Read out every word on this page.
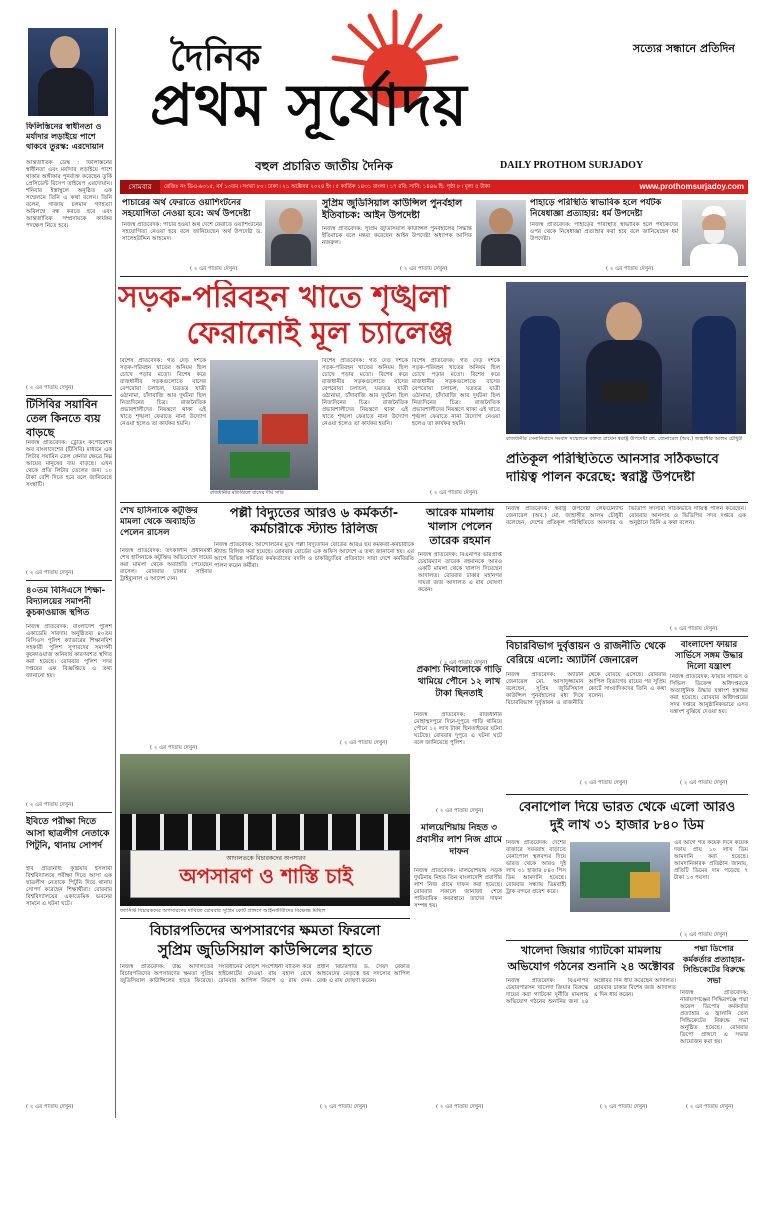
ফিলিস্তিনের স্বাধীনতা ও মর্যাদার লড়াইয়ে পাশে থাকবে তুরস্ক: এরদোয়ান
আন্তর্জাতিক ডেস্ক : ফিলিস্তিনের স্বাধীনতা এবং মর্যাদার লড়াইয়ে পাশে থাকার অঙ্গীকার পুনর্ব্যক্ত করেছেন তুর্কি প্রেসিডেন্ট রিসেপ তাইয়েপ এরদোয়ান। শনিবার ইস্তাম্বুলে অনুষ্ঠিত এক সম্মেলনে তিনি এ কথা বলেন। তিনি বলেন, গাজায় চলমান গণহত্যা অবিলম্বে বন্ধ করতে হবে এবং আন্তর্জাতিক সম্প্রদায়কে কার্যকর পদক্ষেপ নিতে হবে।
( ২ এর পাতায় দেখুন)
টিসিবির সয়াবিন তেল কিনতে ব্যয় বাড়ছে
নিজস্ব প্রতিবেদক: ট্রেডিং কর্পোরেশন অব বাংলাদেশের (টিসিবি) মাধ্যমে এক লিটার সয়াবিন তেল কেনার ক্ষেত্রে নিম্ন আয়ের মানুষের ব্যয় বাড়ছে। এখন থেকে প্রতি লিটার তেলের জন্য ১০ টাকা বেশি দিতে হবে বলে জানিয়েছে সংস্থাটি।
( ২ এর পাতায় দেখুন)
৪০তম বিসিএসে শিক্ষা-বিদ্যালয়ের সমাপনী কুচকাওয়াজ স্থগিত
নিজস্ব প্রতিবেদক: বাংলাদেশ পুলিশ একাডেমি সারদায় অনুষ্ঠিতব্য ৪০তম বিসিএস পুলিশ ক্যাডারের শিক্ষানবিশ সহকারী পুলিশ সুপারদের সমাপনী কুচকাওয়াজ অনিবার্য কারণবশত স্থগিত করা হয়েছে। রোববার পুলিশ সদর দপ্তরের এক বিজ্ঞপ্তিতে এ তথ্য জানানো হয়।
( ২ এর পাতায় দেখুন)
ইবিতে পরীক্ষা দিতে আসা ছাত্রলীগ নেতাকে পিটুনি, থানায় সোপর্দ
ইবি প্রতিনিধি: কুষ্টিয়ার ইসলামী বিশ্ববিদ্যালয়ে পরীক্ষা দিতে আসা এক ছাত্রলীগ নেতাকে পিটুনি দিয়ে থানায় সোপর্দ করেছেন শিক্ষার্থীরা। রোববার বিশ্ববিদ্যালয়ের একাডেমিক ভবনের সামনে এ ঘটনা ঘটে।
( ২ এর পাতায় দেখুন)
দৈনিক	সত্যের সন্ধানে প্রতিদিন
প্রথম সূর্যোদয়
বহুল প্রচারিত জাতীয় দৈনিক	DAILY PROTHOM SURJADOY
সোমবার	রেজিঃ নং ডিএ-৬৩১৫, বর্ষ ১৩তম ৷ সংখ্যা ৮০ ৷ ঢাকা ৷ ২১ অক্টোবর ২০২৪ ইং ৷ ৫ কার্তিক ১৪৩১ বাংলা ৷ ১৭ রবি: সানি: ১৪৪৬ হি: পৃষ্ঠা ৮ ৷ মূল্য ৫ টাকা	www.prothomsurjadoy.com
পাচারের অর্থ ফেরাতে ওয়াশিংটনের সহযোগিতা নেওয়া হবে: অর্থ উপদেষ্টা
নিজস্ব প্রতিবেদক: পাচার হওয়া অর্থ দেশে ফেরাতে ওয়াশিংটনের সহযোগিতা নেওয়া হবে বলে জানিয়েছেন অর্থ উপদেষ্টা ড. সালেহউদ্দিন আহমেদ।
( ২ এর পাতায় দেখুন)
সুপ্রিম জুডিসিয়াল কাউন্সিল পুনর্বহাল ইতিবাচক: আইন উপদেষ্টা
নিজস্ব প্রতিবেদক: সুপ্রিম জুডিসিয়াল কাউন্সিল পুনর্বহালের সিদ্ধান্ত ইতিবাচক বলে মন্তব্য করেছেন আইন উপদেষ্টা অধ্যাপক আসিফ নজরুল।
( ২ এর পাতায় দেখুন)
পাহাড়ে পরিস্থিতি স্বাভাবিক হলে পর্যটক নিষেধাজ্ঞা প্রত্যাহার: ধর্ম উপদেষ্টা
নিজস্ব প্রতিবেদক: পাহাড়ের পরিস্থিতি স্বাভাবিক হলে পর্যটকদের ওপর থেকে নিষেধাজ্ঞা প্রত্যাহার করা হবে বলে জানিয়েছেন ধর্ম উপদেষ্টা।
( ২ এর পাতায় দেখুন)
সড়ক-পরিবহন খাতে শৃঙ্খলা
ফেরানোই মূল চ্যালেঞ্জ
বিশেষ প্রতিবেদক: গত দেড় দশকে সড়ক-পরিবহন খাতের অনিয়ম ছিল চোখে পড়ার মতো। বিশেষ করে রাজধানীর সড়কগুলোতে বাসের বেপরোয়া চলাচল, যত্রতত্র যাত্রী ওঠানামা, চাঁদাবাজি আর দুর্ঘটনা ছিল নিত্যদিনের চিত্র। রাজনৈতিক প্রভাবশালীদের নিয়ন্ত্রণে থাকা এই খাতে শৃঙ্খলা ফেরাতে নানা উদ্যোগ নেওয়া হলেও তা কার্যকর হয়নি।
রাজধানীর মতিঝিলে বাসের দীর্ঘ সারি
বিশেষ প্রতিবেদক: গত দেড় দশকে সড়ক-পরিবহন খাতের অনিয়ম ছিল চোখে পড়ার মতো। বিশেষ করে রাজধানীর সড়কগুলোতে বাসের বেপরোয়া চলাচল, যত্রতত্র যাত্রী ওঠানামা, চাঁদাবাজি আর দুর্ঘটনা ছিল নিত্যদিনের চিত্র। রাজনৈতিক প্রভাবশালীদের নিয়ন্ত্রণে থাকা এই খাতে শৃঙ্খলা ফেরাতে নানা উদ্যোগ নেওয়া হলেও তা কার্যকর হয়নি।
বিশেষ প্রতিবেদক: গত দেড় দশকে সড়ক-পরিবহন খাতের অনিয়ম ছিল চোখে পড়ার মতো। বিশেষ করে রাজধানীর সড়কগুলোতে বাসের বেপরোয়া চলাচল, যত্রতত্র যাত্রী ওঠানামা, চাঁদাবাজি আর দুর্ঘটনা ছিল নিত্যদিনের চিত্র। রাজনৈতিক প্রভাবশালীদের নিয়ন্ত্রণে থাকা এই খাতে শৃঙ্খলা ফেরাতে নানা উদ্যোগ নেওয়া হলেও তা কার্যকর হয়নি।
( ২ এর পাতায় দেখুন)
রাজধানীর সেনানিবাসে সংবাদ সম্মেলনে বক্তব্য রাখেন স্বরাষ্ট্র উপদেষ্টা লে. জেনারেল (অব.) জাহাঙ্গীর আলম চৌধুরী
প্রতিকূল পরিস্থিতিতে আনসার সঠিকভাবে
দায়িত্ব পালন করেছে: স্বরাষ্ট্র উপদেষ্টা
শেখ হাসিনাকে কটূক্তির মামলা থেকে অব্যাহতি পেলেন রাসেল
নিজস্ব প্রতিবেদক: তৎকালীন প্রধানমন্ত্রী শেখ হাসিনাকে কটূক্তির অভিযোগে দায়ের করা মামলা থেকে অব্যাহতি পেয়েছেন রাসেল। রোববার ঢাকার সাইবার ট্রাইব্যুনাল এ আদেশ দেন।
( ২ এর পাতায় দেখুন)
পল্লী বিদ্যুতের আরও ৬ কর্মকর্তা-
কর্মচারীকে স্ট্যান্ড রিলিজ
নিজস্ব প্রতিবেদক: আন্দোলনের মুখে পল্লী বিদ্যুতায়ন বোর্ডের আরও ছয় কর্মকর্তা-কর্মচারীকে স্ট্যান্ড রিলিজ করা হয়েছে। রোববার বোর্ডের এক অফিস আদেশে এ তথ্য জানানো হয়। এর আগে বিভিন্ন সমিতির কর্মকর্তাদের বদলি ও চাকরিচ্যুতির প্রতিবাদে সারা দেশে কর্মবিরতি পালন করেন কর্মীরা।
( ২ এর পাতায় দেখুন)
আরেক মামলায়
খালাস পেলেন
তারেক রহমান
নিজস্ব প্রতিবেদক: বিএনপির ভারপ্রাপ্ত চেয়ারম্যান তারেক রহমানকে আরও একটি মামলা থেকে খালাস দিয়েছেন আদালত। রোববার ঢাকার মহানগর দায়রা জজ আদালত এ রায় ঘোষণা করেন।
( ২ এর পাতায় দেখুন)
নিজস্ব প্রতিবেদক: স্বরাষ্ট্র উপদেষ্টা লেফটেন্যান্ট জেনারেল (অব.) মো. জাহাঙ্গীর আলম চৌধুরী বলেছেন, দেশের প্রতিকূল পরিস্থিতিতে আনসার ও ভিডিপি সদস্যরা সঠিকভাবে দায়িত্ব পালন করেছেন। রোববার আনসার ও ভিডিপির সদর দপ্তরে এক অনুষ্ঠানে তিনি এ কথা বলেন।
( ২ এর পাতায় দেখুন)
বিচারবিভাগ দুর্বৃত্তায়ন ও রাজনীতি থেকে
বেরিয়ে এলো: অ্যাটর্নি জেনারেল
নিজস্ব প্রতিবেদক: অ্যাটর্নি জেনারেল মো. আসাদুজ্জামান বলেছেন, সুপ্রিম জুডিসিয়াল কাউন্সিল পুনর্বহালের মধ্য দিয়ে বিচারবিভাগ দুর্বৃত্তায়ন ও রাজনীতি থেকে বেরিয়ে এসেছে। রোববার আপিল বিভাগের রায়ের পর সুপ্রিম কোর্টে সাংবাদিকদের তিনি এ কথা বলেন।
( ২ এর পাতায় দেখুন)
বাংলাদেশ ফায়ার সার্ভিসে সঙ্গম উদ্ধার দিলো যন্ত্রাংশ
নিজস্ব প্রতিবেদক: ফায়ার সার্ভিস ও সিভিল ডিফেন্স অধিদপ্তরকে অত্যাধুনিক উদ্ধার যন্ত্রাংশ হস্তান্তর করা হয়েছে। রোববার অধিদপ্তরের সদর দপ্তরে আনুষ্ঠানিকভাবে এসব যন্ত্রাংশ বুঝিয়ে দেওয়া হয়।
( ২ এর পাতায় দেখুন)
আদালতকে বিচারকদের অপসারণ
অপসারণ ও শাস্তি চাই
ফ্যাসিস্ট বিচারকদের অপসারণের দাবিতে রোববার সুপ্রিম কোর্ট প্রাঙ্গণে আইনজীবীদের বিক্ষোভ মিছিল
প্রকাশ্য দিবালোকে গাড়ি থামিয়ে পৌনে ১২ লাখ টাকা ছিনতাই
নিজস্ব প্রতিবেদক: রাজধানীর মোহাম্মদপুরে দিনে-দুপুরে গাড়ি থামিয়ে পৌনে ১২ লাখ টাকা ছিনতাইয়ের ঘটনা ঘটেছে। রোববার দুপুরে এ ঘটনা ঘটে বলে জানিয়েছে পুলিশ।
( ২ এর পাতায় দেখুন)	বেনাপোল দিয়ে ভারত থেকে এলো আরও
দুই লাখ ৩১ হাজার ৮৪০ ডিম
নিজস্ব প্রতিবেদক: দেশের বাজারে সরবরাহ বাড়াতে বেনাপোল স্থলবন্দর দিয়ে ভারত থেকে আরও দুই লাখ ৩১ হাজার ৮৪০ পিস ডিম আমদানি হয়েছে। রোববার সন্ধ্যায় ডিমবাহী ট্রাক বন্দরে প্রবেশ করে।
এর আগে গত কয়েক দিনে কয়েক দফায় প্রায় ১০ লাখ ডিম আমদানি করা হয়েছে। আমদানিকারক প্রতিষ্ঠান জানায়, প্রতিটি ডিমের দাম পড়েছে ৭ টাকা ১৩ পয়সা।
( ২ এর পাতায় দেখুন)
বিচারপতিদের অপসারণের ক্ষমতা ফিরলো
সুপ্রিম জুডিসিয়াল কাউন্সিলের হাতে
নিজস্ব প্রতিবেদক: উচ্চ আদালতের বিচারপতিদের অপসারণের ক্ষমতা সুপ্রিম জুডিসিয়াল কাউন্সিলের হাতে ফিরেছে। সংবিধানের ষোড়শ সংশোধনী বাতিল করে হাইকোর্টের দেওয়া রায় বহাল রেখে রোববার আপিল বিভাগ এ রায় দেন। প্রধান বিচারপতি ড. সৈয়দ রেফাত আহমেদের নেতৃত্বে ছয় সদস্যের আপিল বেঞ্চ এ রায় ঘোষণা করেন।
( ২ এর পাতায় দেখুন)
মালয়েশিয়ায় নিহত ৩ প্রবাসীর লাশ নিজ গ্রামে দাফন
নিজস্ব প্রতিবেদক: মালয়েশিয়ায় সড়ক দুর্ঘটনায় নিহত তিন বাংলাদেশি প্রবাসীর লাশ নিজ গ্রামে দাফন করা হয়েছে। রোববার সকালে জানাজা শেষে পারিবারিক কবরস্থানে তাদের দাফন সম্পন্ন হয়।
( ২ এর পাতায় দেখুন)
খালেদা জিয়ার গ্যাটকো মামলায়
অভিযোগ গঠনের শুনানি ২৪ অক্টোবর
নিজস্ব প্রতিবেদক: বিএনপির চেয়ারপারসন খালেদা জিয়ার বিরুদ্ধে দায়ের করা গ্যাটকো দুর্নীতি মামলায় অভিযোগ গঠনের শুনানির জন্য ২৪ অক্টোবর দিন ধার্য করেছেন আদালত। রোববার ঢাকার বিশেষ জজ আদালত এ দিন ধার্য করেন।
( ২ এর পাতায় দেখুন)
পদ্মা ডিপোর কর্মকর্তার প্রত্যাহার-সিন্ডিকেটের বিরুদ্ধে সভা
নিজস্ব প্রতিবেদক: নারায়ণগঞ্জের সিদ্ধিরগঞ্জে পদ্মা অয়েল ডিপোর কর্মকর্তার প্রত্যাহার ও জ্বালানি তেল সিন্ডিকেটের বিরুদ্ধে সভা অনুষ্ঠিত হয়েছে। রোববার ডিপো প্রাঙ্গণে এ সভার আয়োজন করা হয়।
( ২ এর পাতায় দেখুন)
